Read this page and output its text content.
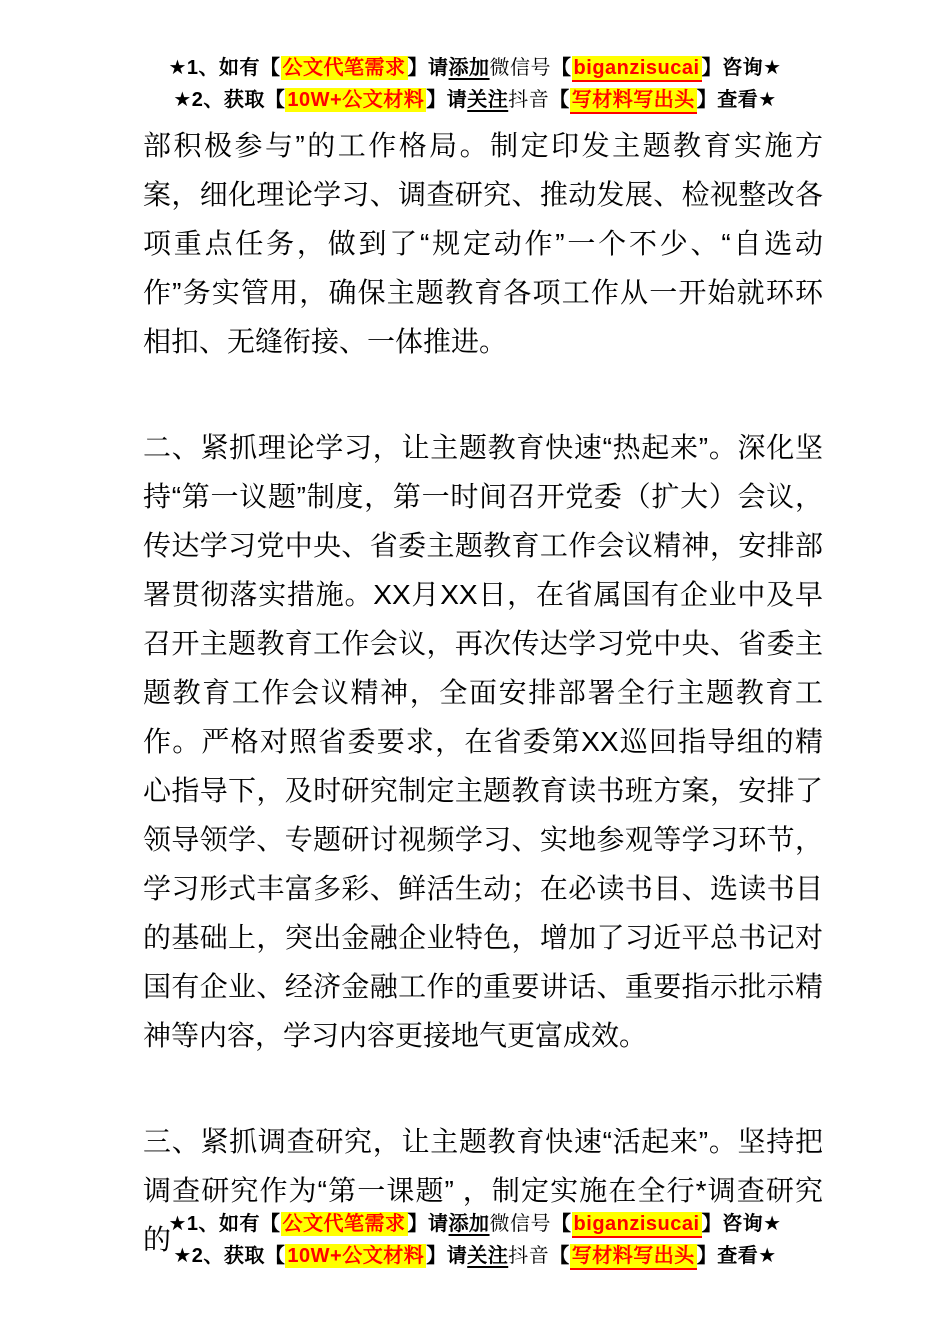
★1、如有【 公文代笔需求 】请添加微信号【 biganzisucai 】咨询★
★2、获取【 10W+公文材料 】请关注抖音【 写材料写出头 】查看★

部积极参与”的工作格局。制定印发主题教育实施方案，细化理论学习、调查研究、推动发展、检视整改各项重点任务，做到了“规定动作”一个不少、“自选动作”务实管用，确保主题教育各项工作从一开始就环环相扣、无缝衔接、一体推进。

二、紧抓理论学习，让主题教育快速“热起来”。深化坚持“第一议题”制度，第一时间召开党委（扩大）会议，传达学习党中央、省委主题教育工作会议精神，安排部署贯彻落实措施。XX月XX日，在省属国有企业中及早召开主题教育工作会议，再次传达学习党中央、省委主题教育工作会议精神，全面安排部署全行主题教育工作。严格对照省委要求，在省委第XX巡回指导组的精心指导下，及时研究制定主题教育读书班方案，安排了领导领学、专题研讨视频学习、实地参观等学习环节，学习形式丰富多彩、鲜活生动；在必读书目、选读书目的基础上，突出金融企业特色，增加了习近平总书记对国有企业、经济金融工作的重要讲话、重要指示批示精神等内容，学习内容更接地气更富成效。

三、紧抓调查研究，让主题教育快速“活起来”。坚持把调查研究作为“第一课题” ，制定实施在全行*调查研究的

★1、如有【 公文代笔需求 】请添加微信号【 biganzisucai 】咨询★
★2、获取【 10W+公文材料 】请关注抖音【 写材料写出头 】查看★
